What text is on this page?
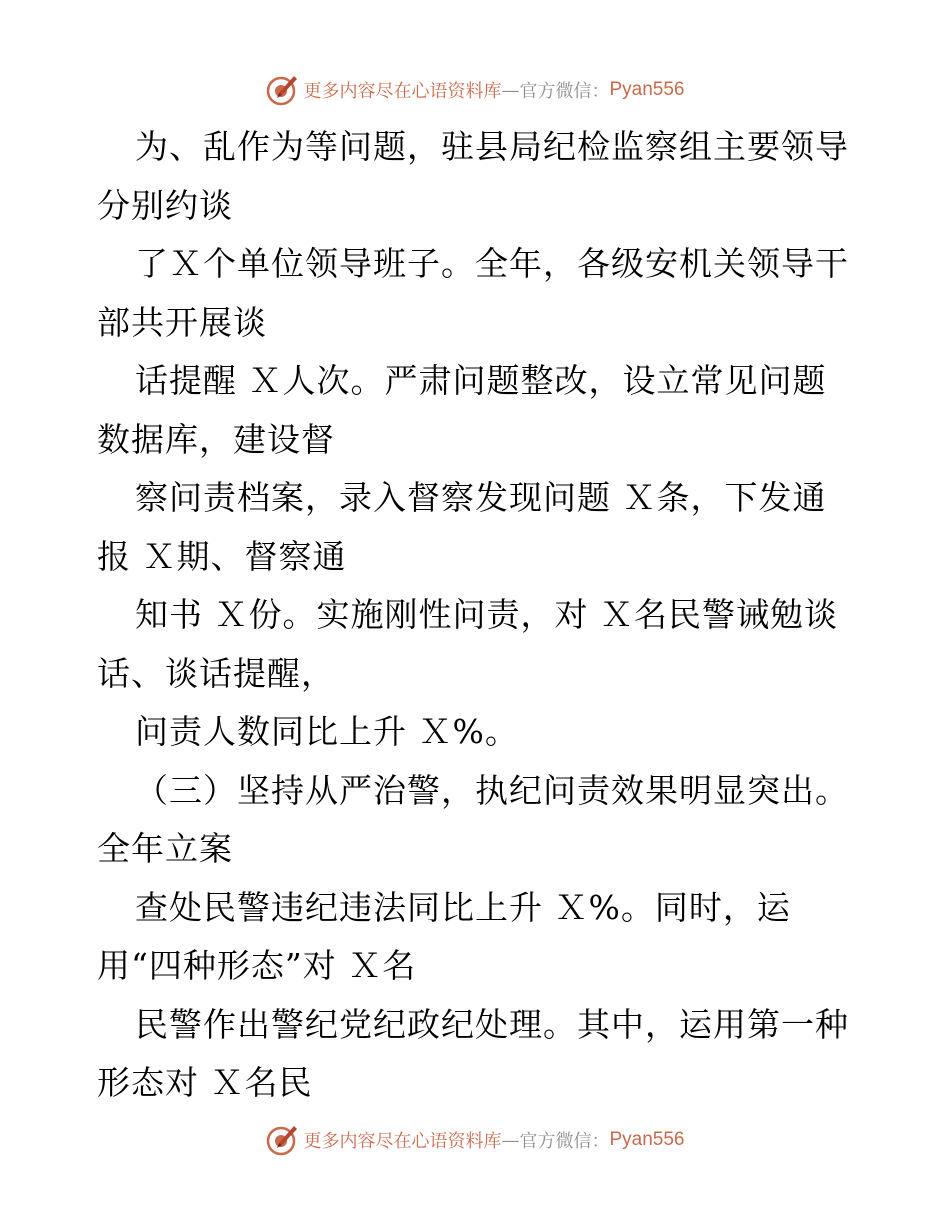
更多内容尽在心语资料库 — 官方微信： Pyan556
为、乱作为等问题，驻县局纪检监察组主要领导
分别约谈
了Ｘ个单位领导班子。全年，各级安机关领导干
部共开展谈
话提醒 Ｘ人次。严肃问题整改，设立常见问题
数据库，建设督
察问责档案，录入督察发现问题 Ｘ条，下发通
报 Ｘ期、督察通
知书 Ｘ份。实施刚性问责，对 Ｘ名民警诫勉谈
话、谈话提醒，
问责人数同比上升 Ｘ%。
（三）坚持从严治警，执纪问责效果明显突出。
全年立案
查处民警违纪违法同比上升 Ｘ%。同时，运
用“四种形态”对 Ｘ名
民警作出警纪党纪政纪处理。其中，运用第一种
形态对 Ｘ名民
更多内容尽在心语资料库 — 官方微信： Pyan556
